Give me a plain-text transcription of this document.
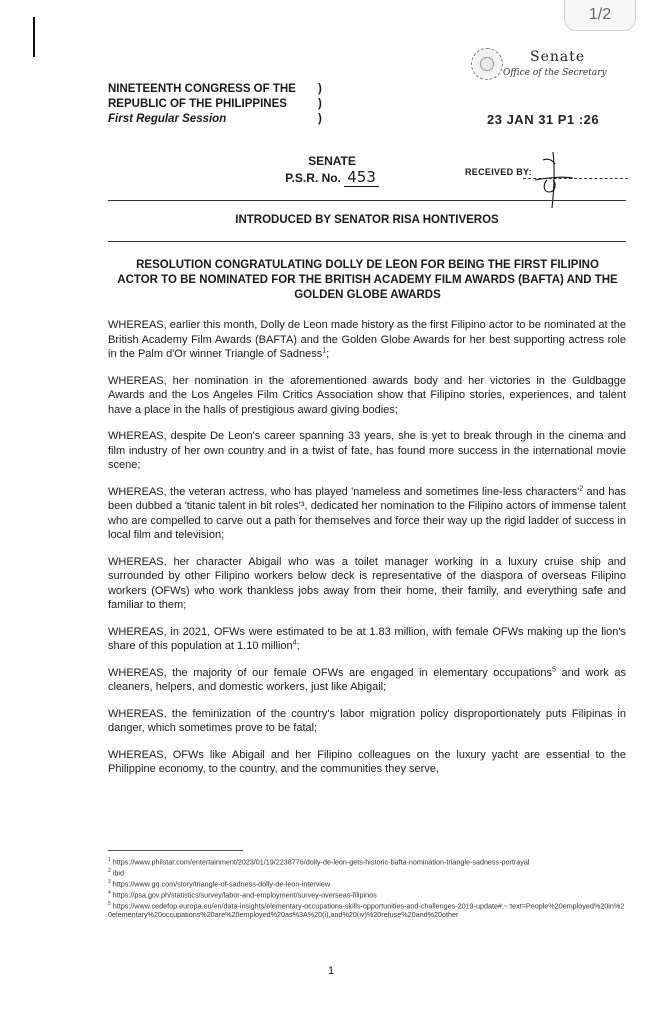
1/2
NINETEENTH CONGRESS OF THE
REPUBLIC OF THE PHILIPPINES
First Regular Session
)
)
)
Senate
Office of the Secretary
23 JAN 31 P1 :26
SENATE
P.S.R. No. 453	RECEIVED BY:
INTRODUCED BY SENATOR RISA HONTIVEROS
RESOLUTION CONGRATULATING DOLLY DE LEON FOR BEING THE FIRST FILIPINO ACTOR TO BE NOMINATED FOR THE BRITISH ACADEMY FILM AWARDS (BAFTA) AND THE GOLDEN GLOBE AWARDS

WHEREAS, earlier this month, Dolly de Leon made history as the first Filipino actor to be nominated at the British Academy Film Awards (BAFTA) and the Golden Globe Awards for her best supporting actress role in the Palm d'Or winner Triangle of Sadness$^1$;

WHEREAS, her nomination in the aforementioned awards body and her victories in the Guldbagge Awards and the Los Angeles Film Critics Association show that Filipino stories, experiences, and talent have a place in the halls of prestigious award giving bodies;

WHEREAS, despite De Leon's career spanning 33 years, she is yet to break through in the cinema and film industry of her own country and in a twist of fate, has found more success in the international movie scene;

WHEREAS, the veteran actress, who has played 'nameless and sometimes line-less $characters'^2$ and has been dubbed a 'titanic talent in bit roles'³, dedicated her nomination to the Filipino actors of immense talent who are compelled to carve out a path for themselves and force their way up the rigid ladder of success in local film and television;

WHEREAS, her character Abigail who was a toilet manager working in a luxury cruise ship and surrounded by other Filipino workers below deck is representative of the diaspora of overseas Filipino workers (OFWs) who work thankless jobs away from their home, their family, and everything safe and familiar to them;

WHEREAS, in 2021, OFWs were estimated to be at 1.83 million, with female OFWs making up the lion's share of this population at 1.10 million$^4$;

WHEREAS, the majority of our female OFWs are engaged in elementary occupations$^5$ and work as cleaners, helpers, and domestic workers, just like Abigail;

WHEREAS, the feminization of the country's labor migration policy disproportionately puts Filipinas in danger, which sometimes prove to be fatal;

WHEREAS, OFWs like Abigail and her Filipino colleagues on the luxury yacht are essential to the Philippine economy, to the country, and the communities they serve,

$^1$ https://www.philstar.com/entertainment/2023/01/19/2238776/dolly-de-leon-gets-historic-bafta-nomination-triangle-sadness-portrayal
$^2$ ibid
$^3$ https://www.gq.com/story/triangle-of-sadness-dolly-de-leon-interview
$^4$ https://psa.gov.ph/statistics/survey/labor-and-employment/survey-overseas-filipinos
$^5$ https://www.cedefop.europa.eu/en/data-insights/elementary-occupations-skills-opportunities-and-challenges-2019-update#:~:text=People%20employed%20in%20elementary%20occupations%20are%20employed%20as%3A%20(i),and%20(iv)%20refuse%20and%20other
1
